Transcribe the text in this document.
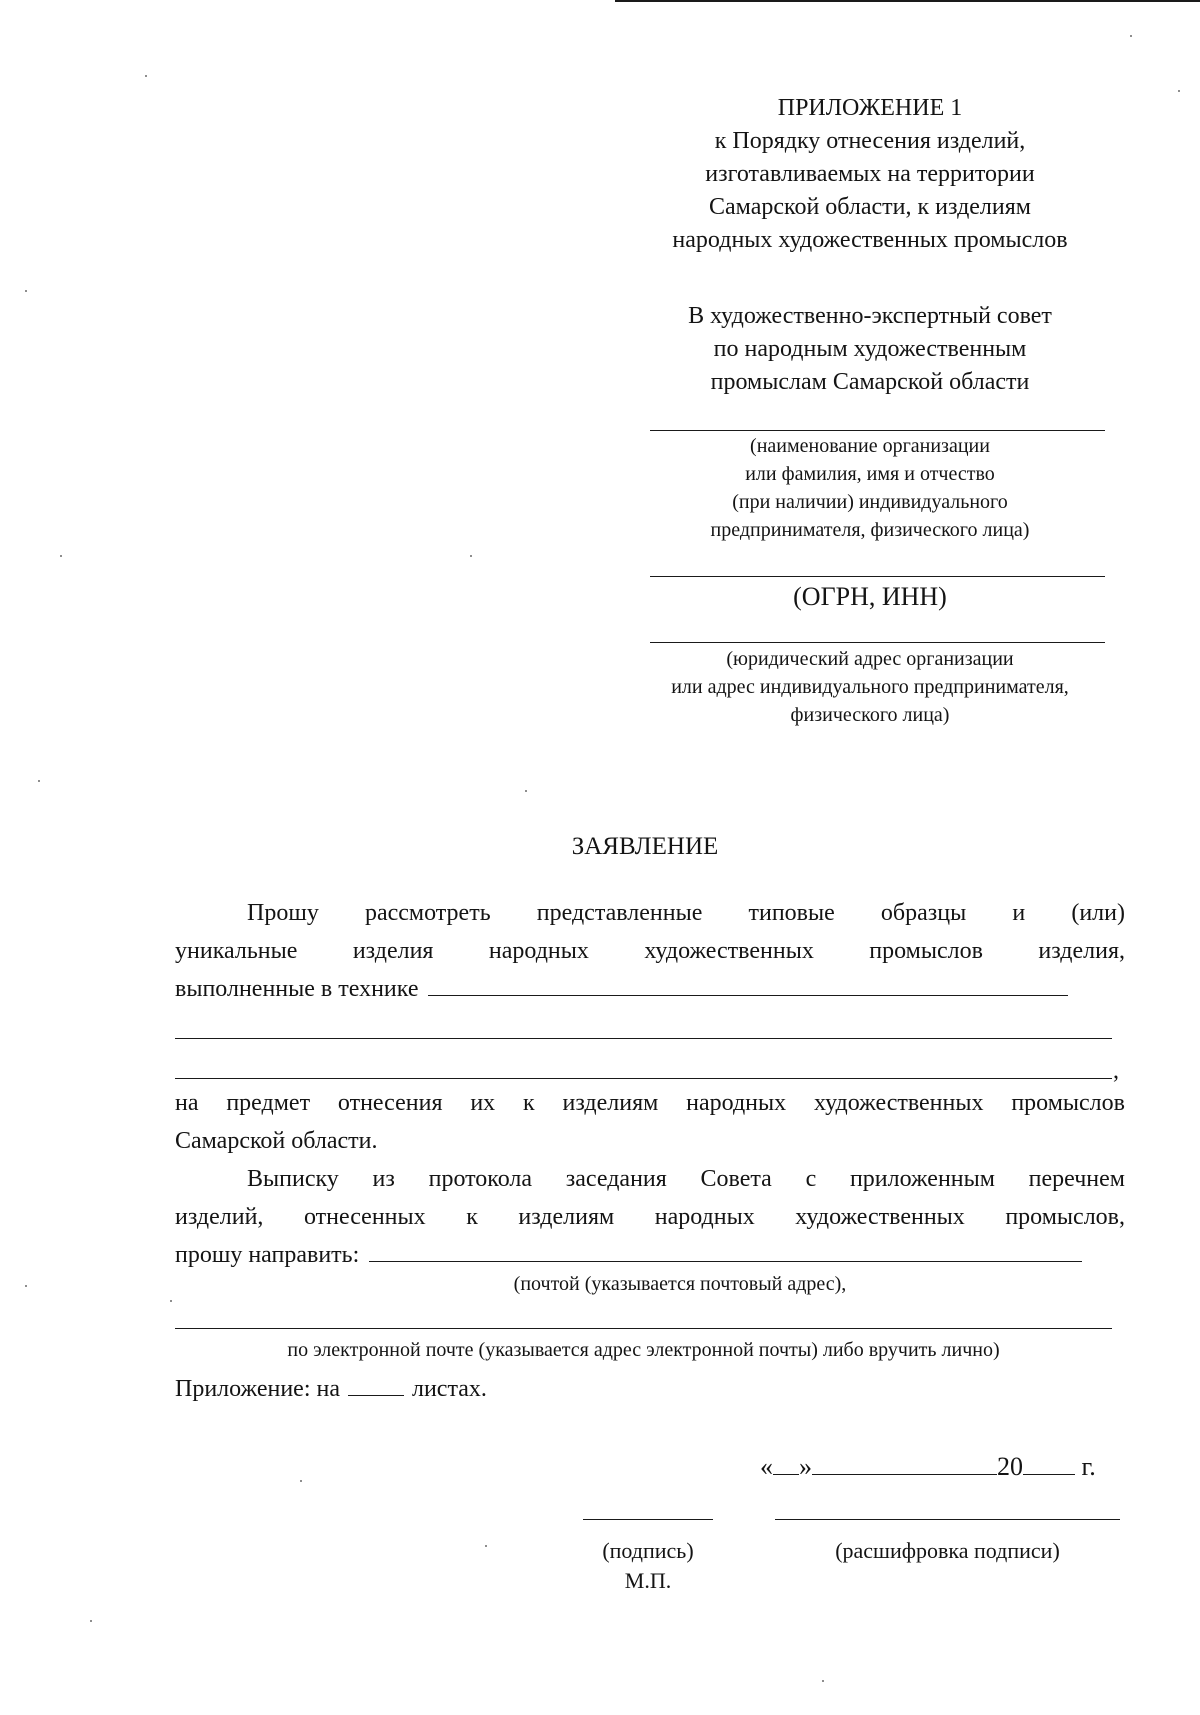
ПРИЛОЖЕНИЕ 1
к Порядку отнесения изделий,
изготавливаемых на территории
Самарской области, к изделиям
народных художественных промыслов
В художественно-экспертный совет
по народным художественным
промыслам Самарской области
(наименование организации
или фамилия, имя и отчество
(при наличии) индивидуального
предпринимателя, физического лица)
(ОГРН, ИНН)
(юридический адрес организации
или адрес индивидуального предпринимателя,
физического лица)
ЗАЯВЛЕНИЕ
Прошу рассмотреть представленные типовые образцы и (или)
уникальные изделия народных художественных промыслов изделия,
выполненные в технике
,
на предмет отнесения их к изделиям народных художественных промыслов
Самарской области.
Выписку из протокола заседания Совета с приложенным перечнем
изделий, отнесенных к изделиям народных художественных промыслов,
прошу направить:
(почтой (указывается почтовый адрес),
по электронной почте (указывается адрес электронной почты) либо вручить лично)
Приложение: на	листах.
« »	20 г.
(подпись)	(расшифровка подписи)
М.П.
